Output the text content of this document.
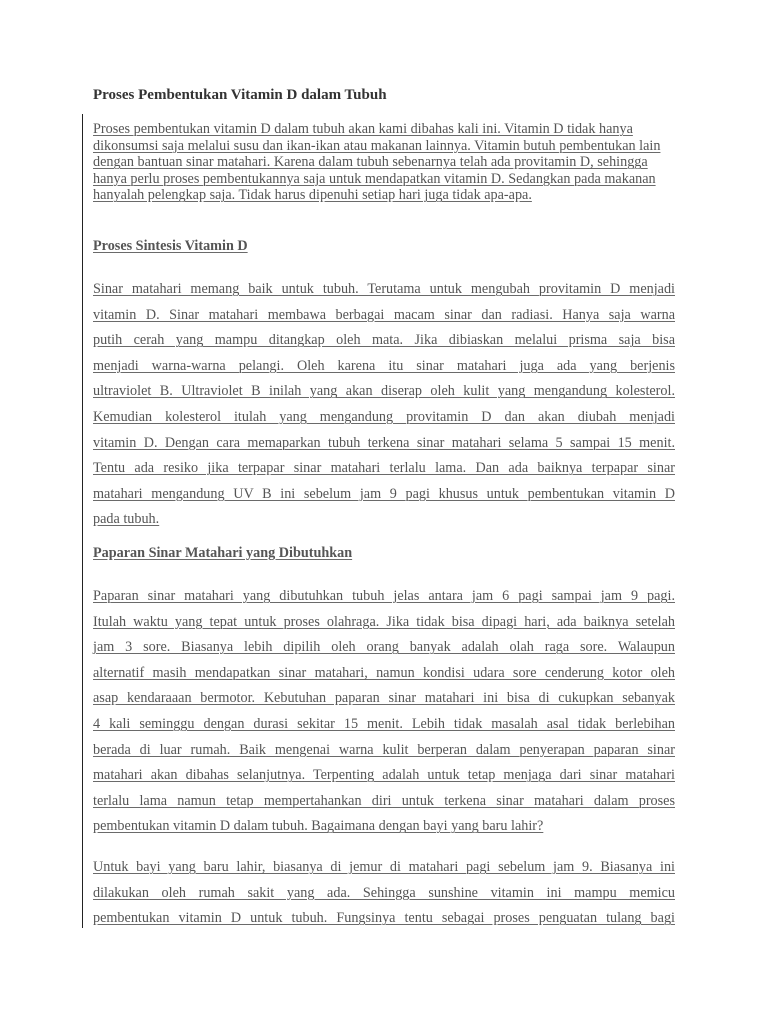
Proses Pembentukan Vitamin D dalam Tubuh

Proses pembentukan vitamin D dalam tubuh akan kami dibahas kali ini. Vitamin D tidak hanya dikonsumsi saja melalui susu dan ikan-ikan atau makanan lainnya. Vitamin butuh pembentukan lain dengan bantuan sinar matahari. Karena dalam tubuh sebenarnya telah ada provitamin D, sehingga hanya perlu proses pembentukannya saja untuk mendapatkan vitamin D. Sedangkan pada makanan hanyalah pelengkap saja. Tidak harus dipenuhi setiap hari juga tidak apa-apa.

Proses Sintesis Vitamin D
Sinar matahari memang baik untuk tubuh. Terutama untuk mengubah provitamin D menjadi
vitamin D. Sinar matahari membawa berbagai macam sinar dan radiasi. Hanya saja warna
putih cerah yang mampu ditangkap oleh mata. Jika dibiaskan melalui prisma saja bisa
menjadi warna-warna pelangi. Oleh karena itu sinar matahari juga ada yang berjenis
ultraviolet B. Ultraviolet B inilah yang akan diserap oleh kulit yang mengandung kolesterol.
Kemudian kolesterol itulah yang mengandung provitamin D dan akan diubah menjadi
vitamin D. Dengan cara memaparkan tubuh terkena sinar matahari selama 5 sampai 15 menit.
Tentu ada resiko jika terpapar sinar matahari terlalu lama. Dan ada baiknya terpapar sinar
matahari mengandung UV B ini sebelum jam 9 pagi khusus untuk pembentukan vitamin D
pada tubuh.
Paparan Sinar Matahari yang Dibutuhkan
Paparan sinar matahari yang dibutuhkan tubuh jelas antara jam 6 pagi sampai jam 9 pagi.
Itulah waktu yang tepat untuk proses olahraga. Jika tidak bisa dipagi hari, ada baiknya setelah
jam 3 sore. Biasanya lebih dipilih oleh orang banyak adalah olah raga sore. Walaupun
alternatif masih mendapatkan sinar matahari, namun kondisi udara sore cenderung kotor oleh
asap kendaraaan bermotor. Kebutuhan paparan sinar matahari ini bisa di cukupkan sebanyak
4 kali seminggu dengan durasi sekitar 15 menit. Lebih tidak masalah asal tidak berlebihan
berada di luar rumah. Baik mengenai warna kulit berperan dalam penyerapan paparan sinar
matahari akan dibahas selanjutnya. Terpenting adalah untuk tetap menjaga dari sinar matahari
terlalu lama namun tetap mempertahankan diri untuk terkena sinar matahari dalam proses
pembentukan vitamin D dalam tubuh. Bagaimana dengan bayi yang baru lahir?
Untuk bayi yang baru lahir, biasanya di jemur di matahari pagi sebelum jam 9. Biasanya ini
dilakukan oleh rumah sakit yang ada. Sehingga sunshine vitamin ini mampu memicu
pembentukan vitamin D untuk tubuh. Fungsinya tentu sebagai proses penguatan tulang bagi
